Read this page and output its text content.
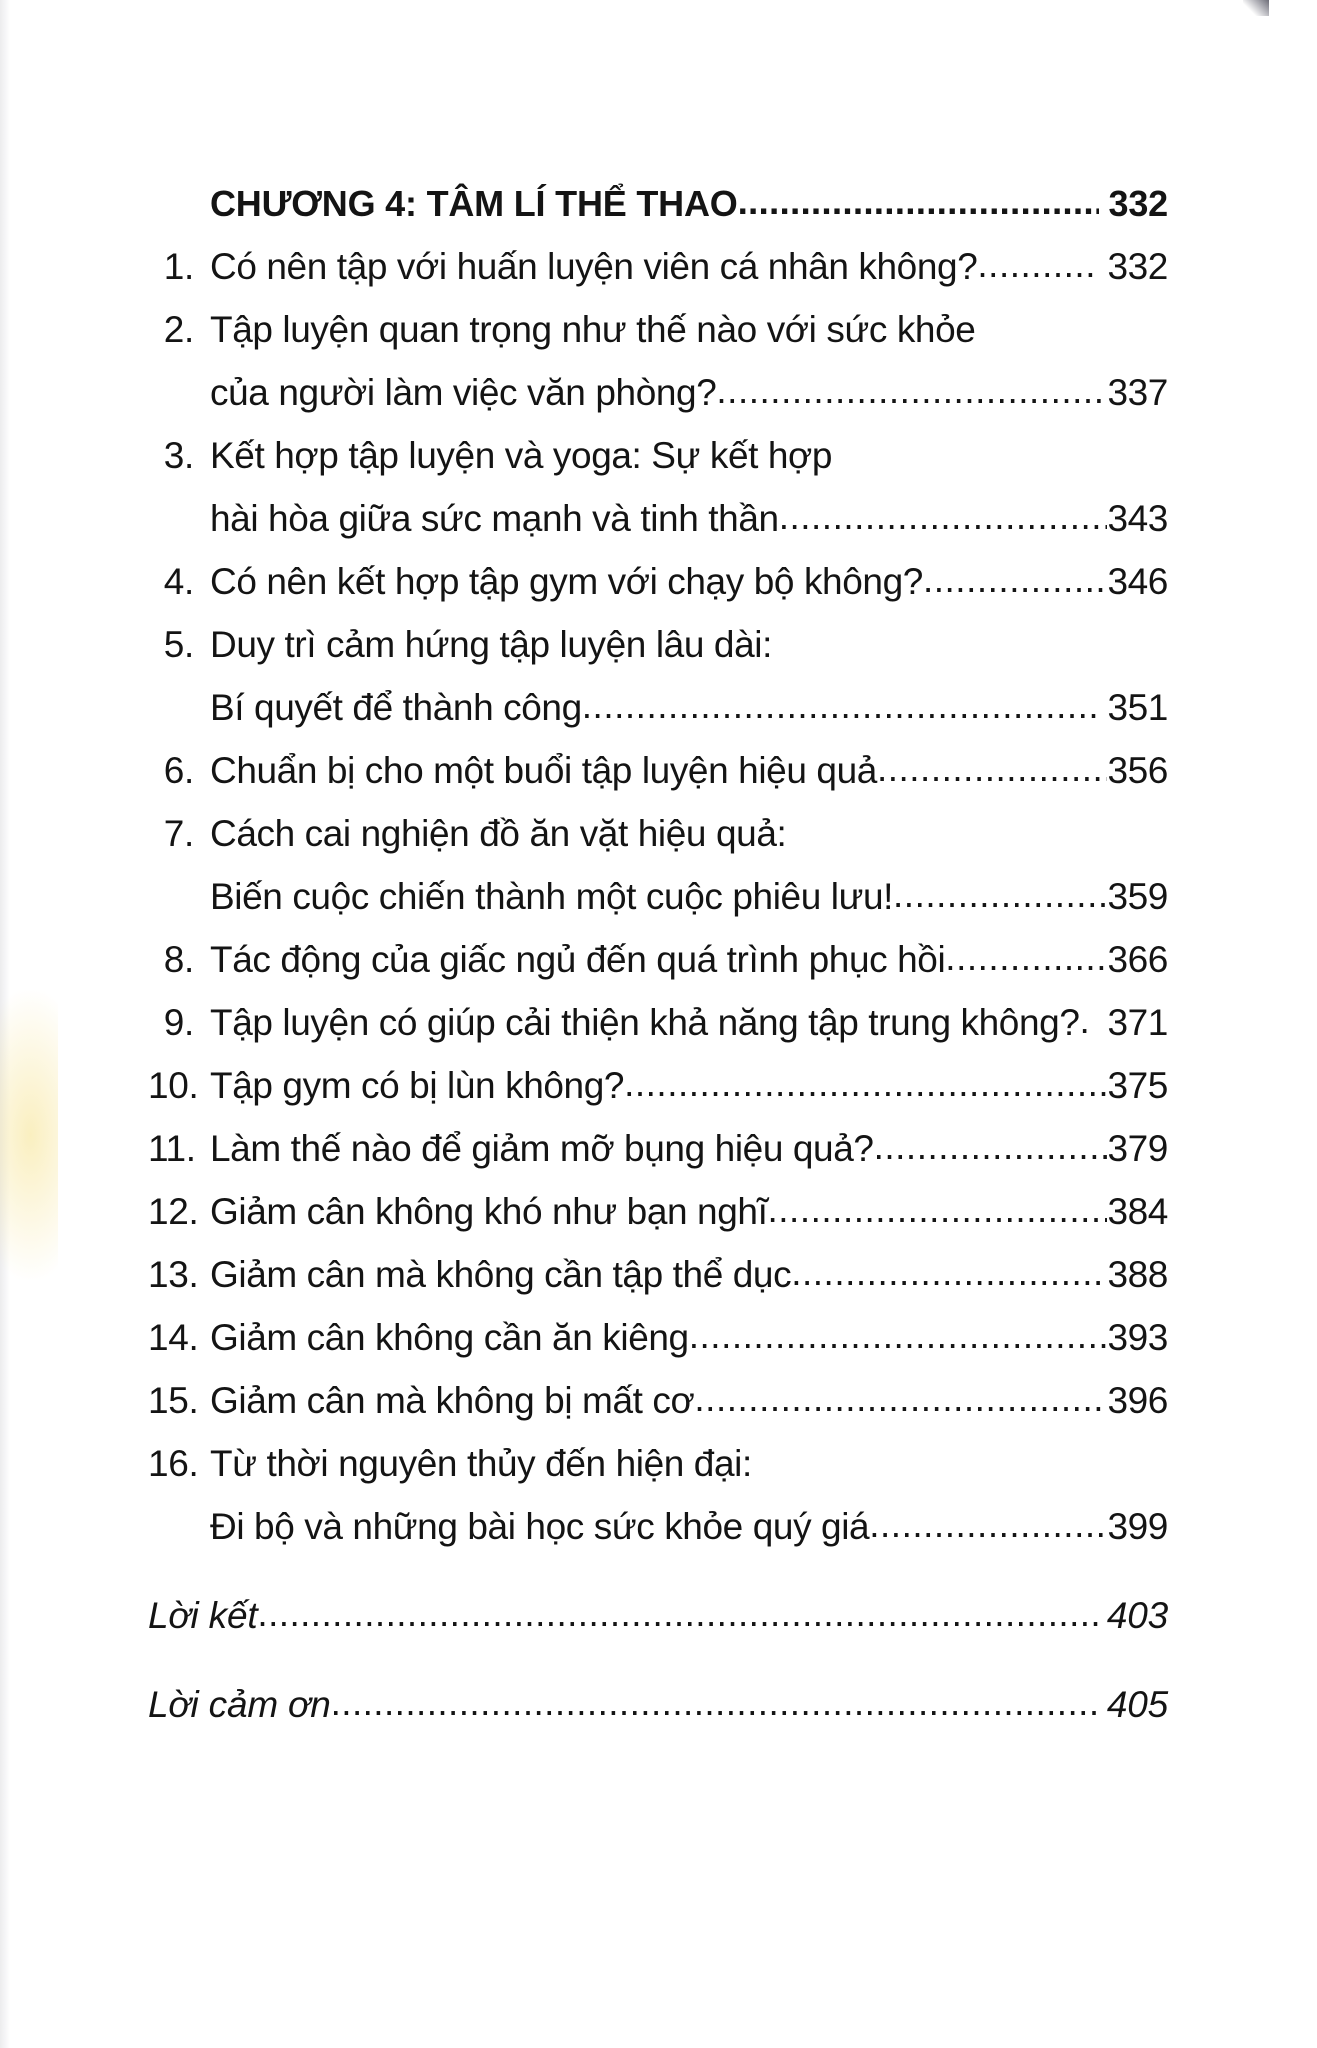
CHƯƠNG 4: TÂM LÍ THỂ THAO .....	332
1. Có nên tập với huấn luyện viên cá nhân không? .....	332
2. Tập luyện quan trọng như thế nào với sức khỏe
của người làm việc văn phòng? .....	337
3. Kết hợp tập luyện và yoga: Sự kết hợp
hài hòa giữa sức mạnh và tinh thần .....	343
4. Có nên kết hợp tập gym với chạy bộ không? .....	346
5. Duy trì cảm hứng tập luyện lâu dài:
Bí quyết để thành công .....	351
6. Chuẩn bị cho một buổi tập luyện hiệu quả .....	356
7. Cách cai nghiện đồ ăn vặt hiệu quả:
Biến cuộc chiến thành một cuộc phiêu lưu! .....	359
8. Tác động của giấc ngủ đến quá trình phục hồi .....	366
9. Tập luyện có giúp cải thiện khả năng tập trung không? . 371
10. Tập gym có bị lùn không? .....	375
11. Làm thế nào để giảm mỡ bụng hiệu quả? .....	379
12. Giảm cân không khó như bạn nghĩ .....	384
13. Giảm cân mà không cần tập thể dục .....	388
14. Giảm cân không cần ăn kiêng .....	393
15. Giảm cân mà không bị mất cơ .....	396
16. Từ thời nguyên thủy đến hiện đại:
Đi bộ và những bài học sức khỏe quý giá .....	399
Lời kết .....	403
Lời cảm ơn .....	405
